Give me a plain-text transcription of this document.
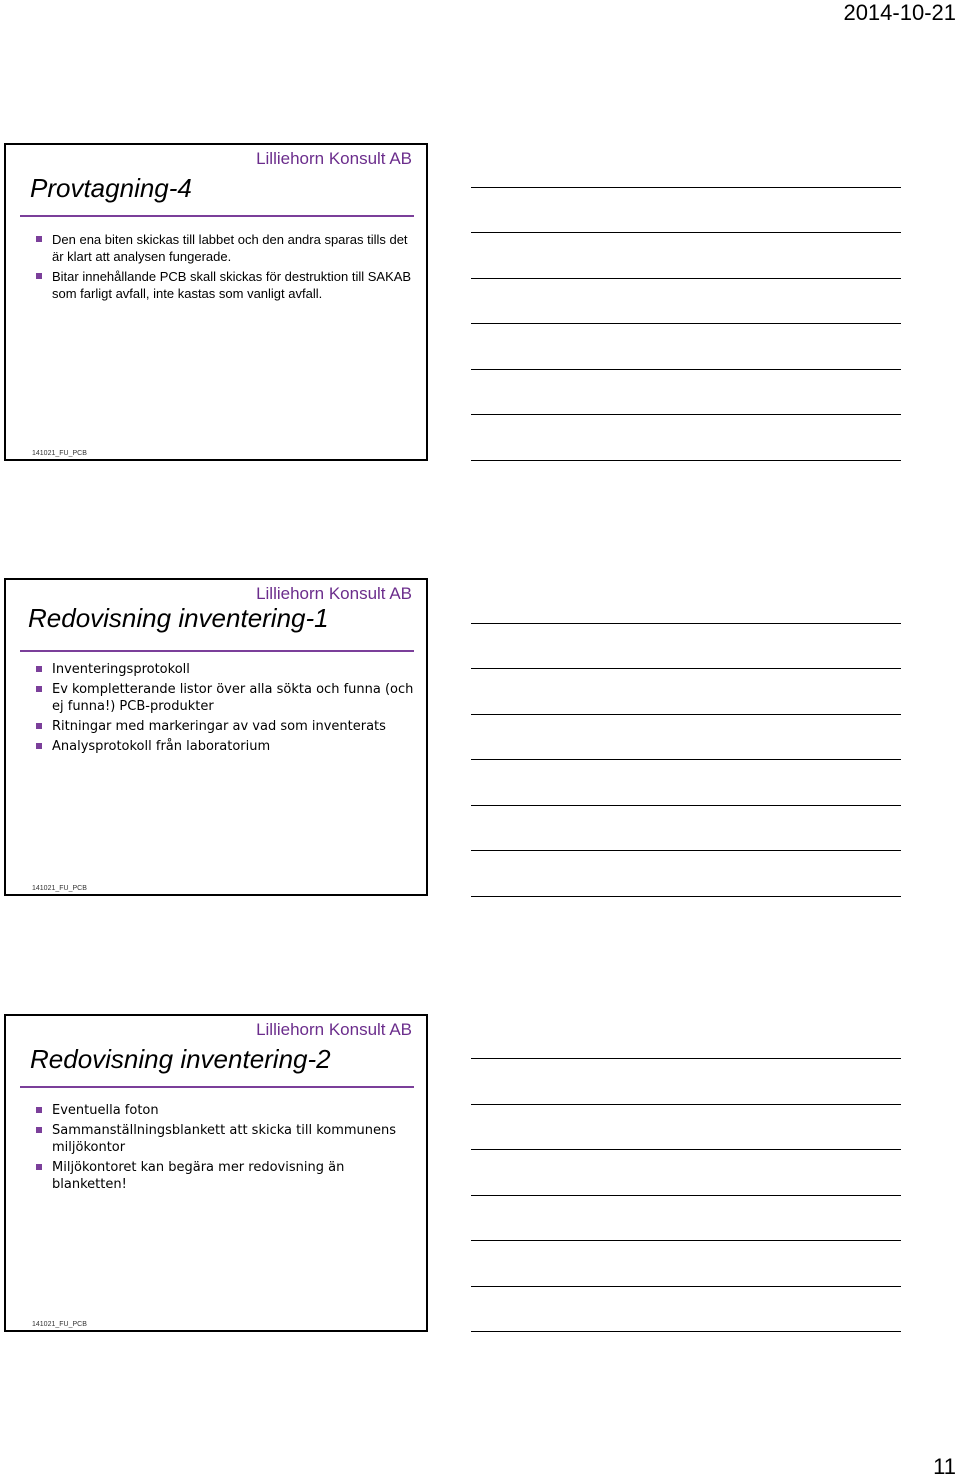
2014-10-21
Lilliehorn Konsult AB
Provtagning-4
Den ena biten skickas till labbet och den andra sparas tills det är klart att analysen fungerade.
Bitar innehållande PCB skall skickas för destruktion till SAKAB som farligt avfall, inte kastas som vanligt avfall.
141021_FU_PCB
Lilliehorn Konsult AB
Redovisning inventering-1
Inventeringsprotokoll
Ev kompletterande listor över alla sökta och funna (och ej funna!) PCB-produkter
Ritningar med markeringar av vad som inventerats
Analysprotokoll från laboratorium
141021_FU_PCB
Lilliehorn Konsult AB
Redovisning inventering-2
Eventuella foton
Sammanställningsblankett att skicka till kommunens miljökontor
Miljökontoret kan begära mer redovisning än blanketten!
141021_FU_PCB
11
